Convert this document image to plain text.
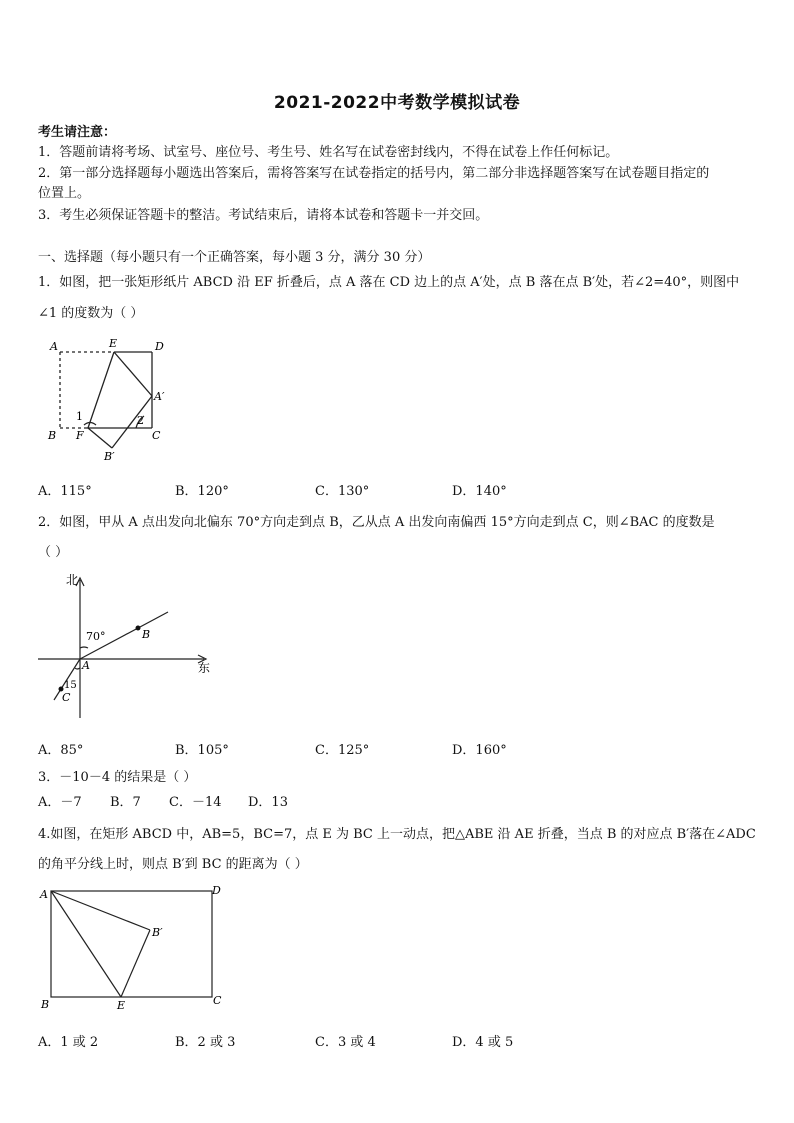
2021-2022中考数学模拟试卷
考生请注意：
1．答题前请将考场、试室号、座位号、考生号、姓名写在试卷密封线内，不得在试卷上作任何标记。
2．第一部分选择题每小题选出答案后，需将答案写在试卷指定的括号内，第二部分非选择题答案写在试卷题目指定的
位置上。
3．考生必须保证答题卡的整洁。考试结束后，请将本试卷和答题卡一并交回。
一、选择题（每小题只有一个正确答案，每小题 3 分，满分 30 分）
1．如图，把一张矩形纸片 ABCD 沿 EF 折叠后，点 A 落在 CD 边上的点 A′处，点 B 落在点 B′处，若∠2=40°，则图中
∠1 的度数为（ ）
A	E	D
A′
1	2
B F	C
B′
A．115°	B．120°	C．130°	D．140°
2．如图，甲从 A 点出发向北偏东 70°方向走到点 B，乙从点 A 出发向南偏西 15°方向走到点 C，则∠BAC 的度数是
（ ）
北
东
70°	B
A
15
C
A．85°	B．105°	C．125°	D．160°
3．－10－4 的结果是（ ）
A．－7 B．7 C．－14 D．13
4.如图，在矩形 ABCD 中，AB=5，BC=7，点 E 为 BC 上一动点，把△ABE 沿 AE 折叠，当点 B 的对应点 B′落在∠ADC
的角平分线上时，则点 B′到 BC 的距离为（ ）
A	D
B′
B	E	C
A．1 或 2	B．2 或 3	C．3 或 4	D．4 或 5
